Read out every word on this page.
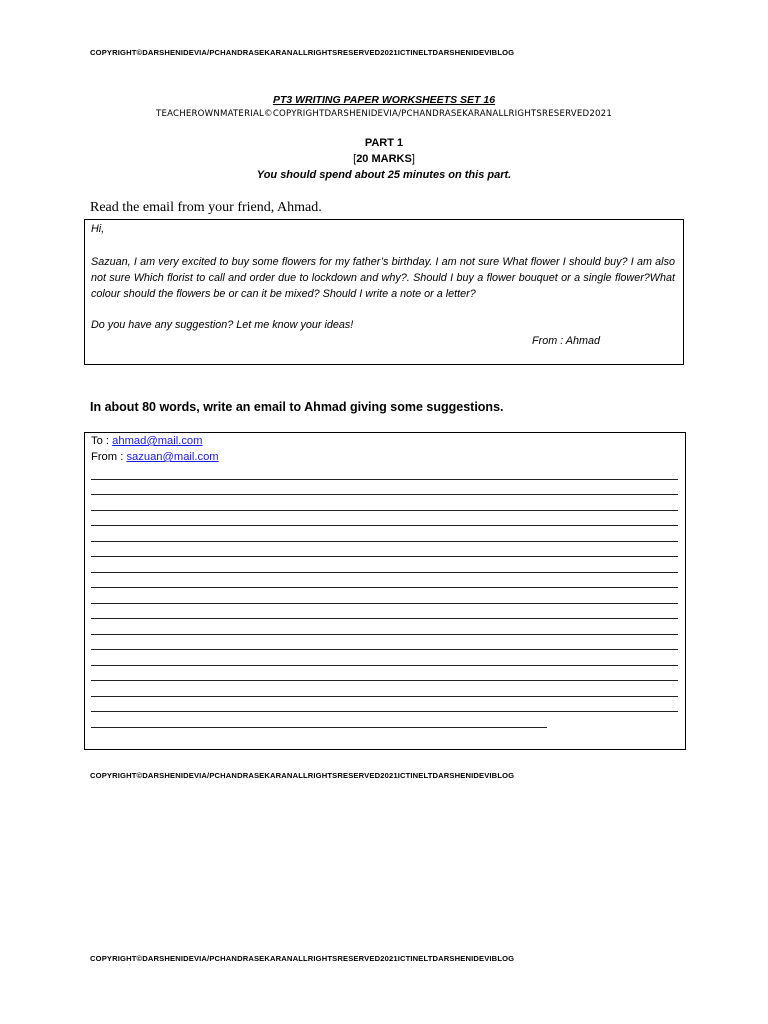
COPYRIGHT©DARSHENIDEVIA/PCHANDRASEKARANALLRIGHTSRESERVED2021ICTINELTDARSHENIDEVIBLOG
PT3 WRITING PAPER WORKSHEETS SET 16
TEACHEROWNMATERIAL©COPYRIGHTDARSHENIDEVIA/PCHANDRASEKARANALLRIGHTSRESERVED2021
PART 1
[20 MARKS]
You should spend about 25 minutes on this part.
Read the email from your friend, Ahmad.
Hi,
Sazuan, I am very excited to buy some flowers for my father’s birthday. I am not sure What flower I should buy? I am also not sure Which florist to call and order due to lockdown and why?. Should I buy a flower bouquet or a single flower?What colour should the flowers be or can it be mixed? Should I write a note or a letter?
Do you have any suggestion? Let me know your ideas!
From : Ahmad
In about 80 words, write an email to Ahmad giving some suggestions.
To : ahmad@mail.com
From : sazuan@mail.com
COPYRIGHT©DARSHENIDEVIA/PCHANDRASEKARANALLRIGHTSRESERVED2021ICTINELTDARSHENIDEVIBLOG
COPYRIGHT©DARSHENIDEVIA/PCHANDRASEKARANALLRIGHTSRESERVED2021ICTINELTDARSHENIDEVIBLOG
